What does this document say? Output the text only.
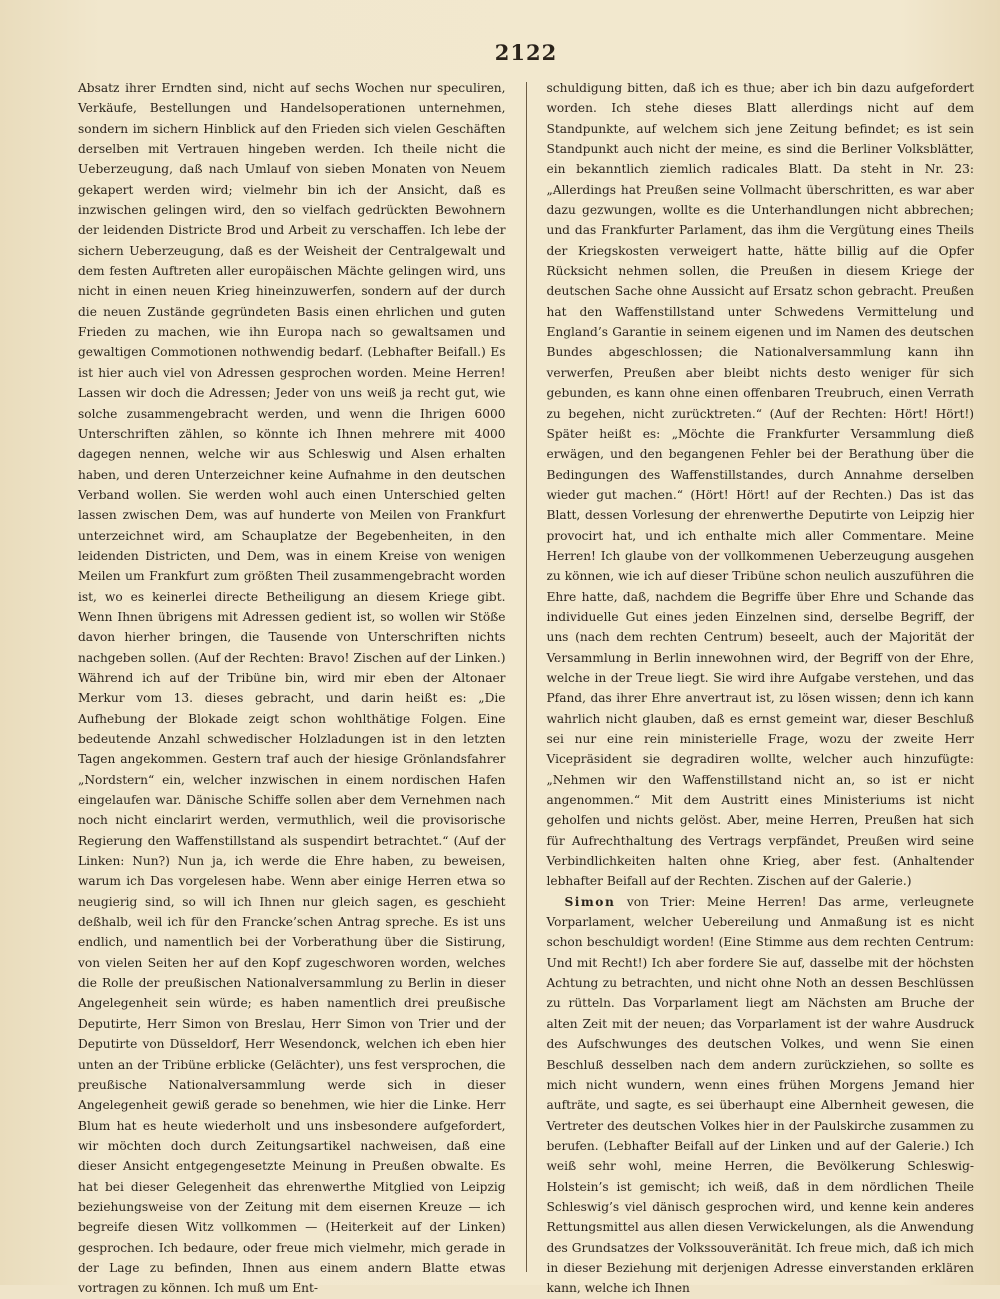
2122

Absatz ihrer Erndten sind, nicht auf sechs Wochen nur speculiren, Verkäufe, Bestellungen und Handelsoperationen unternehmen, sondern im sichern Hinblick auf den Frieden sich vielen Geschäften derselben mit Vertrauen hingeben werden. Ich theile nicht die Ueberzeugung, daß nach Umlauf von sieben Monaten von Neuem gekapert werden wird; vielmehr bin ich der Ansicht, daß es inzwischen gelingen wird, den so vielfach gedrückten Bewohnern der leidenden Districte Brod und Arbeit zu verschaffen. Ich lebe der sichern Ueberzeugung, daß es der Weisheit der Centralgewalt und dem festen Auftreten aller europäischen Mächte gelingen wird, uns nicht in einen neuen Krieg hineinzuwerfen, sondern auf der durch die neuen Zustände gegründeten Basis einen ehrlichen und guten Frieden zu machen, wie ihn Europa nach so gewaltsamen und gewaltigen Commotionen nothwendig bedarf. (Lebhafter Beifall.) Es ist hier auch viel von Adressen gesprochen worden. Meine Herren! Lassen wir doch die Adressen; Jeder von uns weiß ja recht gut, wie solche zusammengebracht werden, und wenn die Ihrigen 6000 Unterschriften zählen, so könnte ich Ihnen mehrere mit 4000 dagegen nennen, welche wir aus Schleswig und Alsen erhalten haben, und deren Unterzeichner keine Aufnahme in den deutschen Verband wollen. Sie werden wohl auch einen Unterschied gelten lassen zwischen Dem, was auf hunderte von Meilen von Frankfurt unterzeichnet wird, am Schauplatze der Begebenheiten, in den leidenden Districten, und Dem, was in einem Kreise von wenigen Meilen um Frankfurt zum größten Theil zusammengebracht worden ist, wo es keinerlei directe Betheiligung an diesem Kriege gibt. Wenn Ihnen übrigens mit Adressen gedient ist, so wollen wir Stöße davon hierher bringen, die Tausende von Unterschriften nichts nachgeben sollen. (Auf der Rechten: Bravo! Zischen auf der Linken.) Während ich auf der Tribüne bin, wird mir eben der Altonaer Merkur vom 13. dieses gebracht, und darin heißt es: „Die Aufhebung der Blokade zeigt schon wohlthätige Folgen. Eine bedeutende Anzahl schwedischer Holzladungen ist in den letzten Tagen angekommen. Gestern traf auch der hiesige Grönlandsfahrer „Nordstern“ ein, welcher inzwischen in einem nordischen Hafen eingelaufen war. Dänische Schiffe sollen aber dem Vernehmen nach noch nicht einclarirt werden, vermuthlich, weil die provisorische Regierung den Waffenstillstand als suspendirt betrachtet.“ (Auf der Linken: Nun?) Nun ja, ich werde die Ehre haben, zu beweisen, warum ich Das vorgelesen habe. Wenn aber einige Herren etwa so neugierig sind, so will ich Ihnen nur gleich sagen, es geschieht deßhalb, weil ich für den Francke’schen Antrag spreche. Es ist uns endlich, und namentlich bei der Vorberathung über die Sistirung, von vielen Seiten her auf den Kopf zugeschworen worden, welches die Rolle der preußischen Nationalversammlung zu Berlin in dieser Angelegenheit sein würde; es haben namentlich drei preußische Deputirte, Herr Simon von Breslau, Herr Simon von Trier und der Deputirte von Düsseldorf, Herr Wesendonck, welchen ich eben hier unten an der Tribüne erblicke (Gelächter), uns fest versprochen, die preußische Nationalversammlung werde sich in dieser Angelegenheit gewiß gerade so benehmen, wie hier die Linke. Herr Blum hat es heute wiederholt und uns insbesondere aufgefordert, wir möchten doch durch Zeitungsartikel nachweisen, daß eine dieser Ansicht entgegengesetzte Meinung in Preußen obwalte. Es hat bei dieser Gelegenheit das ehrenwerthe Mitglied von Leipzig beziehungsweise von der Zeitung mit dem eisernen Kreuze — ich begreife diesen Witz vollkommen — (Heiterkeit auf der Linken) gesprochen. Ich bedaure, oder freue mich vielmehr, mich gerade in der Lage zu befinden, Ihnen aus einem andern Blatte etwas vortragen zu können. Ich muß um Ent-

schuldigung bitten, daß ich es thue; aber ich bin dazu aufgefordert worden. Ich stehe dieses Blatt allerdings nicht auf dem Standpunkte, auf welchem sich jene Zeitung befindet; es ist sein Standpunkt auch nicht der meine, es sind die Berliner Volksblätter, ein bekanntlich ziemlich radicales Blatt. Da steht in Nr. 23: „Allerdings hat Preußen seine Vollmacht überschritten, es war aber dazu gezwungen, wollte es die Unterhandlungen nicht abbrechen; und das Frankfurter Parlament, das ihm die Vergütung eines Theils der Kriegskosten verweigert hatte, hätte billig auf die Opfer Rücksicht nehmen sollen, die Preußen in diesem Kriege der deutschen Sache ohne Aussicht auf Ersatz schon gebracht. Preußen hat den Waffenstillstand unter Schwedens Vermittelung und England’s Garantie in seinem eigenen und im Namen des deutschen Bundes abgeschlossen; die Nationalversammlung kann ihn verwerfen, Preußen aber bleibt nichts desto weniger für sich gebunden, es kann ohne einen offenbaren Treubruch, einen Verrath zu begehen, nicht zurücktreten.“ (Auf der Rechten: Hört! Hört!) Später heißt es: „Möchte die Frankfurter Versammlung dieß erwägen, und den begangenen Fehler bei der Berathung über die Bedingungen des Waffenstillstandes, durch Annahme derselben wieder gut machen.“ (Hört! Hört! auf der Rechten.) Das ist das Blatt, dessen Vorlesung der ehrenwerthe Deputirte von Leipzig hier provocirt hat, und ich enthalte mich aller Commentare. Meine Herren! Ich glaube von der vollkommenen Ueberzeugung ausgehen zu können, wie ich auf dieser Tribüne schon neulich auszuführen die Ehre hatte, daß, nachdem die Begriffe über Ehre und Schande das individuelle Gut eines jeden Einzelnen sind, derselbe Begriff, der uns (nach dem rechten Centrum) beseelt, auch der Majorität der Versammlung in Berlin innewohnen wird, der Begriff von der Ehre, welche in der Treue liegt. Sie wird ihre Aufgabe verstehen, und das Pfand, das ihrer Ehre anvertraut ist, zu lösen wissen; denn ich kann wahrlich nicht glauben, daß es ernst gemeint war, dieser Beschluß sei nur eine rein ministerielle Frage, wozu der zweite Herr Vicepräsident sie degradiren wollte, welcher auch hinzufügte: „Nehmen wir den Waffenstillstand nicht an, so ist er nicht angenommen.“ Mit dem Austritt eines Ministeriums ist nicht geholfen und nichts gelöst. Aber, meine Herren, Preußen hat sich für Aufrechthaltung des Vertrags verpfändet, Preußen wird seine Verbindlichkeiten halten ohne Krieg, aber fest. (Anhaltender lebhafter Beifall auf der Rechten. Zischen auf der Galerie.)

Simon von Trier: Meine Herren! Das arme, verleugnete Vorparlament, welcher Uebereilung und Anmaßung ist es nicht schon beschuldigt worden! (Eine Stimme aus dem rechten Centrum: Und mit Recht!) Ich aber fordere Sie auf, dasselbe mit der höchsten Achtung zu betrachten, und nicht ohne Noth an dessen Beschlüssen zu rütteln. Das Vorparlament liegt am Nächsten am Bruche der alten Zeit mit der neuen; das Vorparlament ist der wahre Ausdruck des Aufschwunges des deutschen Volkes, und wenn Sie einen Beschluß desselben nach dem andern zurückziehen, so sollte es mich nicht wundern, wenn eines frühen Morgens Jemand hier aufträte, und sagte, es sei überhaupt eine Albernheit gewesen, die Vertreter des deutschen Volkes hier in der Paulskirche zusammen zu berufen. (Lebhafter Beifall auf der Linken und auf der Galerie.) Ich weiß sehr wohl, meine Herren, die Bevölkerung Schleswig-Holstein’s ist gemischt; ich weiß, daß in dem nördlichen Theile Schleswig’s viel dänisch gesprochen wird, und kenne kein anderes Rettungsmittel aus allen diesen Verwickelungen, als die Anwendung des Grundsatzes der Volkssouveränität. Ich freue mich, daß ich mich in dieser Beziehung mit derjenigen Adresse einverstanden erklären kann, welche ich Ihnen
